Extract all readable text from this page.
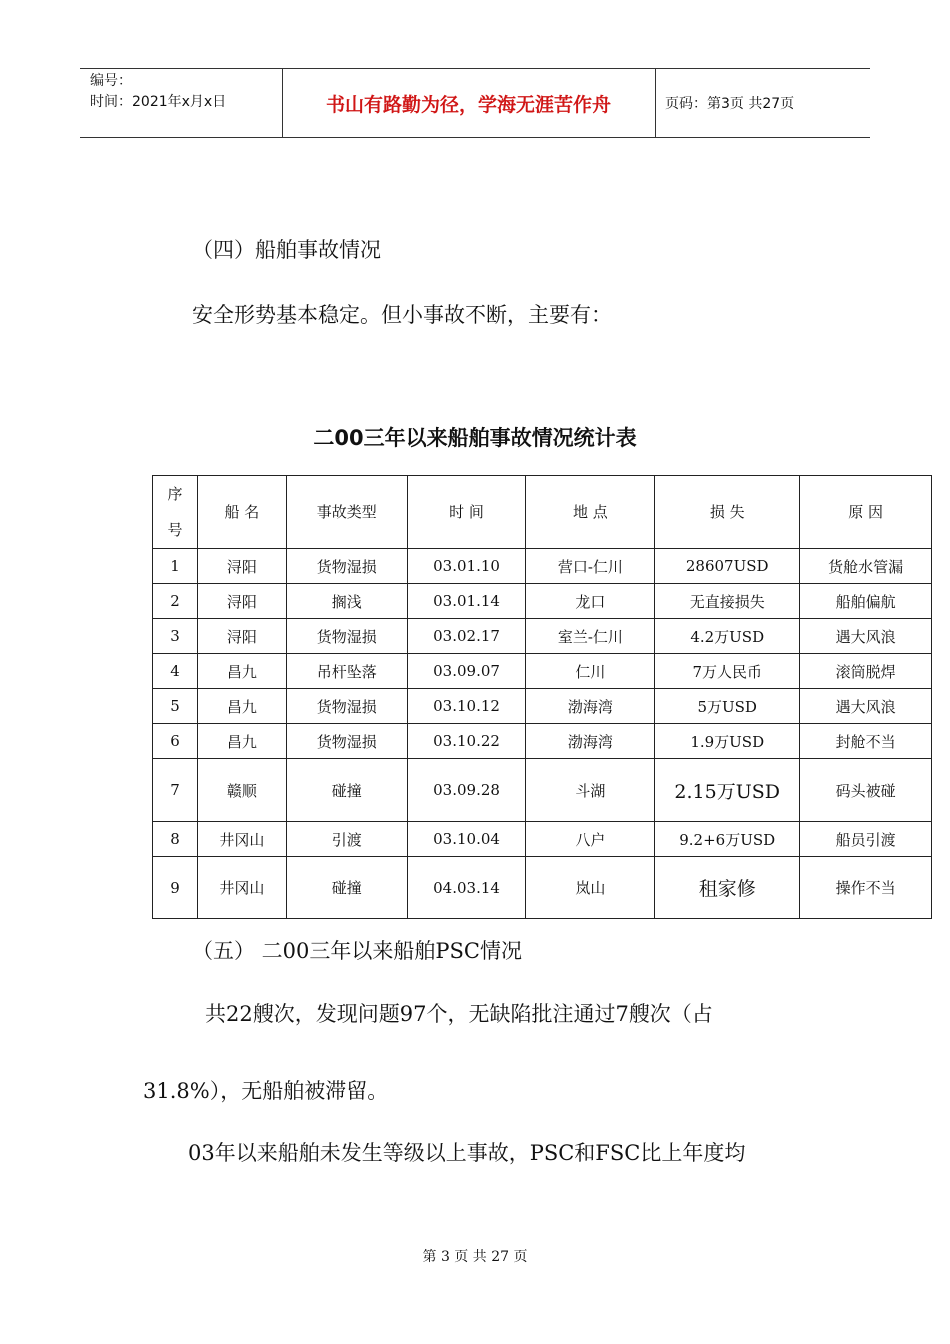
编号：
时间：2021年x月x日	书山有路勤为径，学海无涯苦作舟	页码：第3页 共27页
（四）船舶事故情况
安全形势基本稳定。但小事故不断，主要有：
二00三年以来船舶事故情况统计表
序号	船 名	事故类型	时 间	地 点	损 失	原 因
1	浔阳	货物湿损	03.01.10	营口-仁川	28607USD	货舱水管漏
2	浔阳	搁浅	03.01.14	龙口	无直接损失	船舶偏航
3	浔阳	货物湿损	03.02.17	室兰-仁川	4.2万USD	遇大风浪
4	昌九	吊杆坠落	03.09.07	仁川	7万人民币	滚筒脱焊
5	昌九	货物湿损	03.10.12	渤海湾	5万USD	遇大风浪
6	昌九	货物湿损	03.10.22	渤海湾	1.9万USD	封舱不当
7	赣顺	碰撞	03.09.28	斗湖	2.15万USD	码头被碰
8	井冈山	引渡	03.10.04	八户	9.2+6万USD	船员引渡
9	井冈山	碰撞	04.03.14	岚山	租家修	操作不当
（五） 二00三年以来船舶PSC情况
共22艘次，发现问题97个，无缺陷批注通过7艘次（占
31.8%），无船舶被滞留。
03年以来船舶未发生等级以上事故，PSC和FSC比上年度均
第 3 页 共 27 页
